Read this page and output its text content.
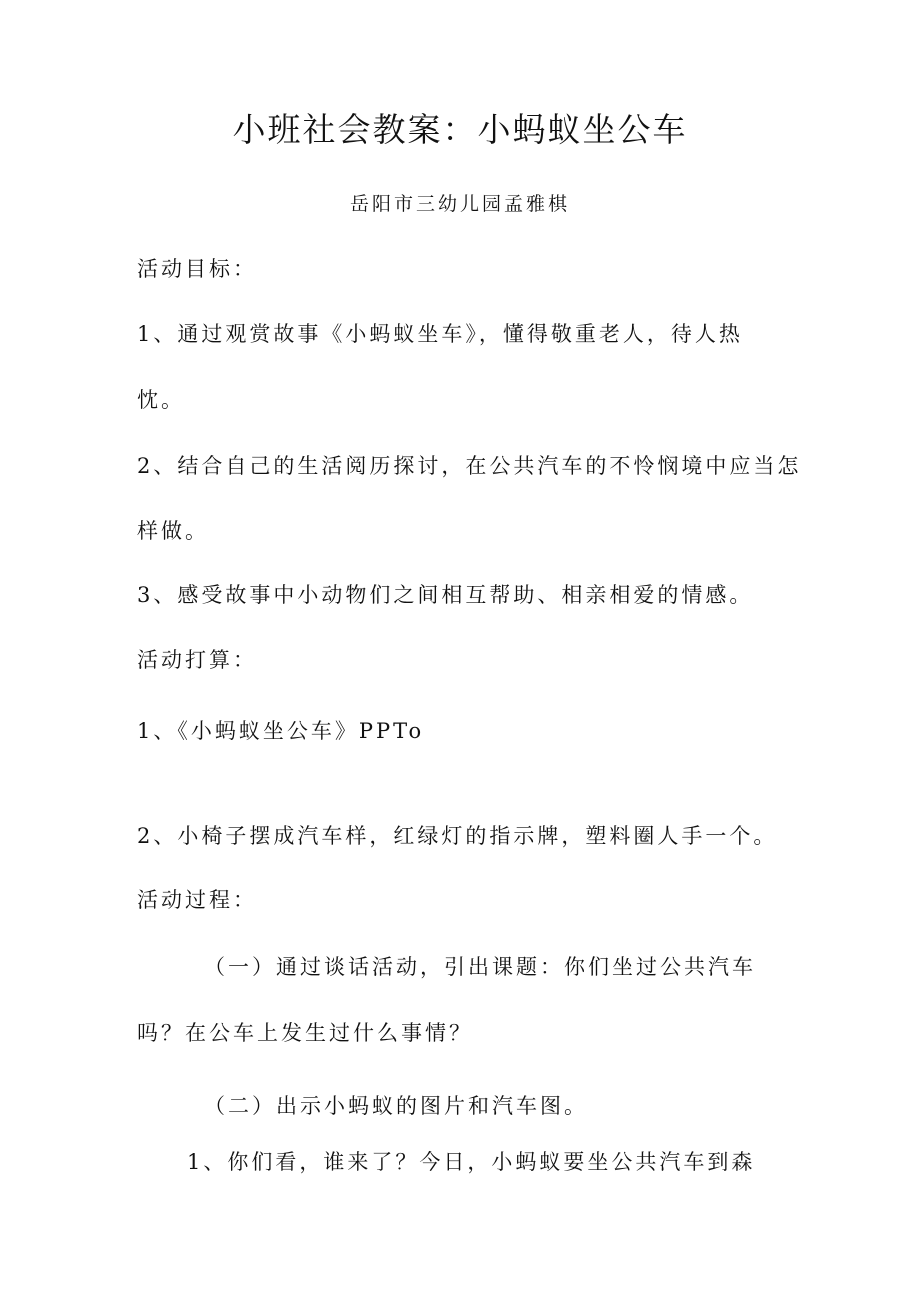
小班社会教案：小蚂蚁坐公车
岳阳市三幼儿园孟雅棋
活动目标：
1、通过观赏故事《小蚂蚁坐车》，懂得敬重老人，待人热
忱。
2、结合自己的生活阅历探讨，在公共汽车的不怜悯境中应当怎
样做。
3、感受故事中小动物们之间相互帮助、相亲相爱的情感。
活动打算：
1、《小蚂蚁坐公车》PPTo
2、小椅子摆成汽车样，红绿灯的指示牌，塑料圈人手一个。
活动过程：
（一）通过谈话活动，引出课题：你们坐过公共汽车
吗？在公车上发生过什么事情？
（二）出示小蚂蚁的图片和汽车图。
1、你们看，谁来了？今日，小蚂蚁要坐公共汽车到森
